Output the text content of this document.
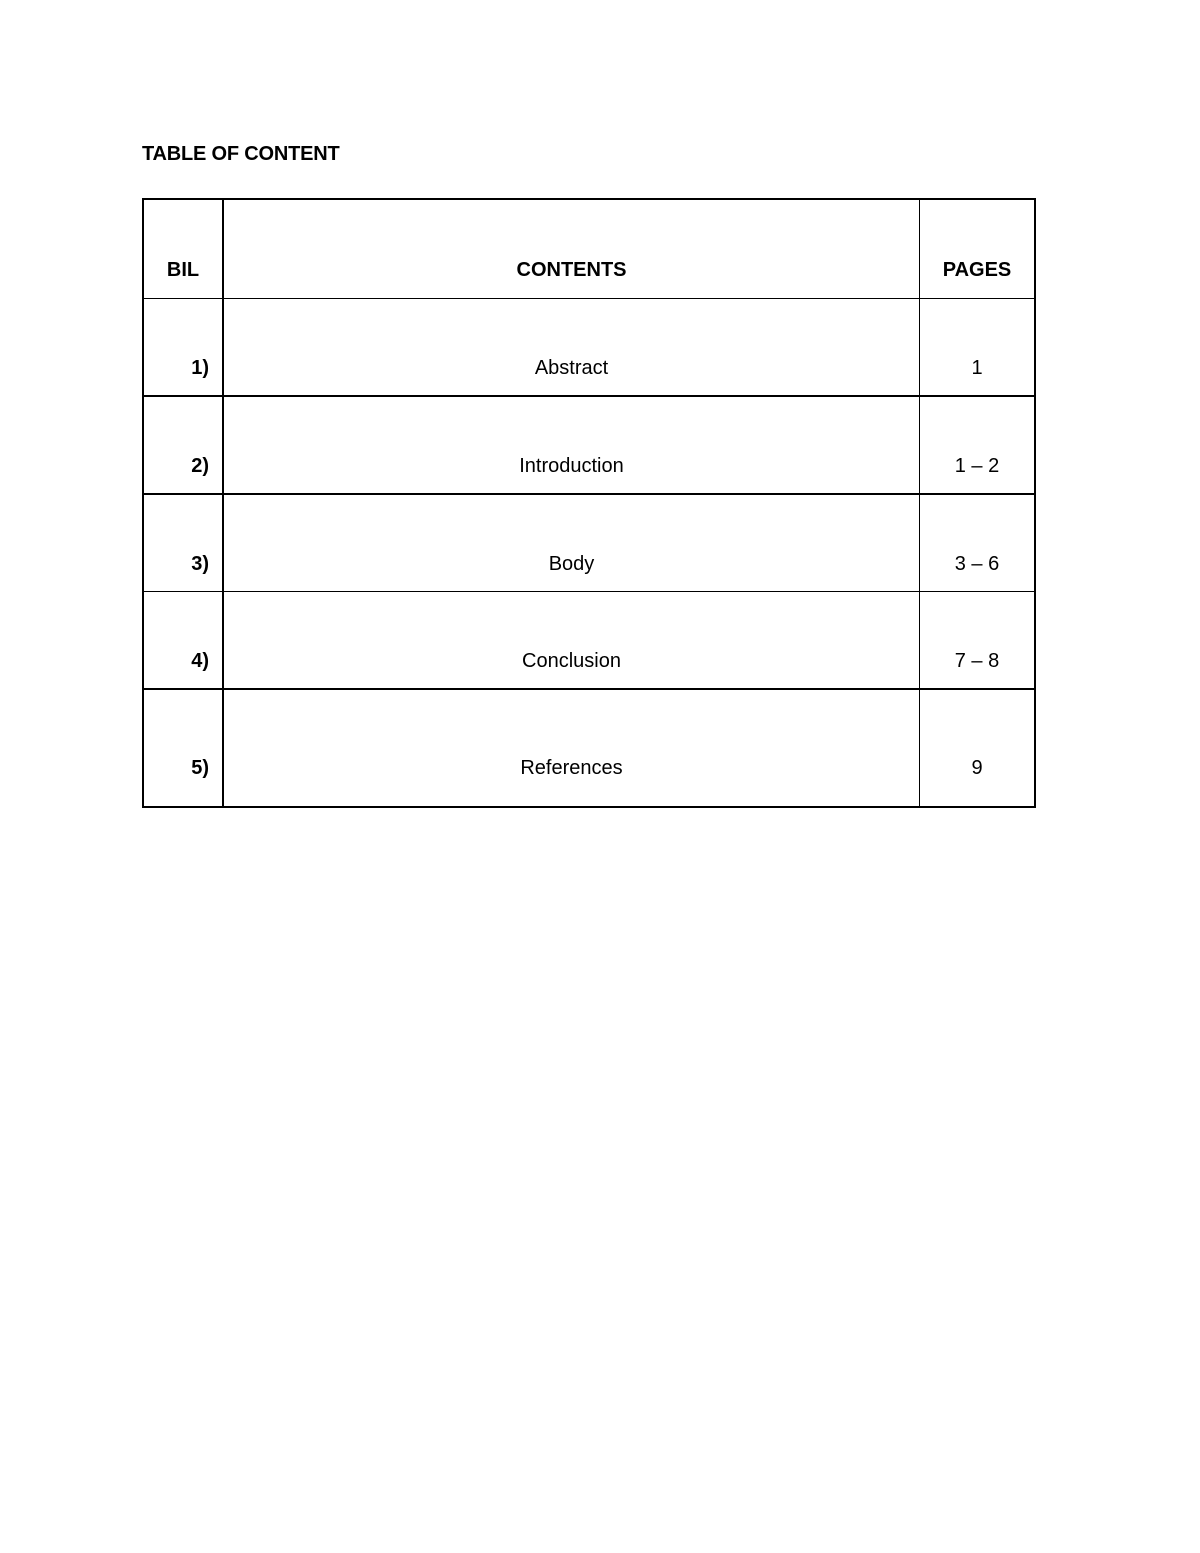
TABLE OF CONTENT
BIL	CONTENTS	PAGES
1)	Abstract	1
2)	Introduction	1 – 2
3)	Body	3 – 6
4)	Conclusion	7 – 8
5)	References	9
